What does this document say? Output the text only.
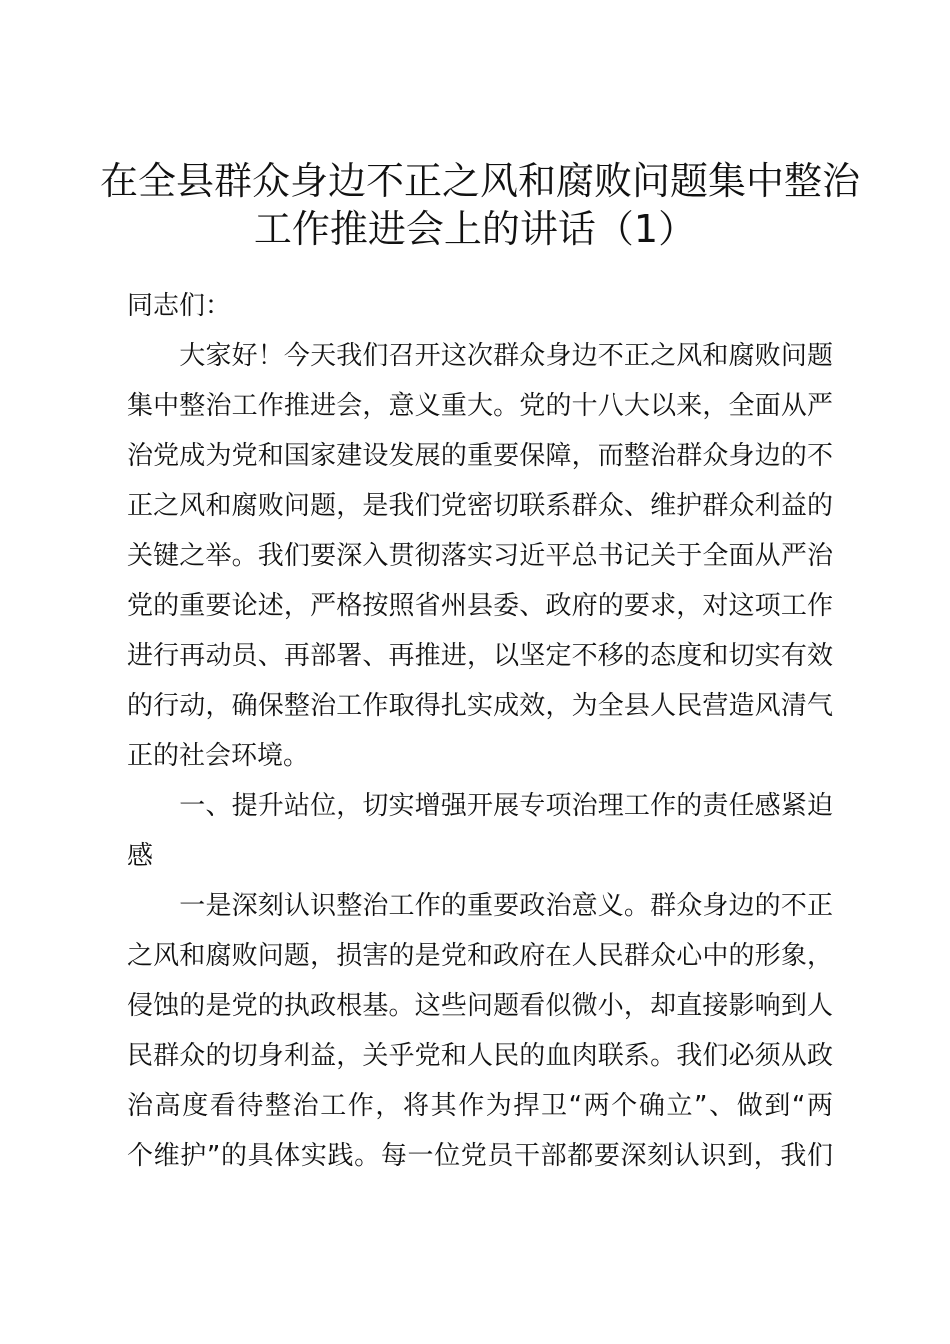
在全县群众身边不正之风和腐败问题集中整治
工作推进会上的讲话（1）
同志们：
　　大家好！今天我们召开这次群众身边不正之风和腐败问题
集中整治工作推进会，意义重大。党的十八大以来，全面从严
治党成为党和国家建设发展的重要保障，而整治群众身边的不
正之风和腐败问题，是我们党密切联系群众、维护群众利益的
关键之举。我们要深入贯彻落实习近平总书记关于全面从严治
党的重要论述，严格按照省州县委、政府的要求，对这项工作
进行再动员、再部署、再推进，以坚定不移的态度和切实有效
的行动，确保整治工作取得扎实成效，为全县人民营造风清气
正的社会环境。
　　一、提升站位，切实增强开展专项治理工作的责任感紧迫
感
　　一是深刻认识整治工作的重要政治意义。群众身边的不正
之风和腐败问题，损害的是党和政府在人民群众心中的形象，
侵蚀的是党的执政根基。这些问题看似微小，却直接影响到人
民群众的切身利益，关乎党和人民的血肉联系。我们必须从政
治高度看待整治工作，将其作为捍卫“两个确立”、做到“两
个维护”的具体实践。每一位党员干部都要深刻认识到，我们
